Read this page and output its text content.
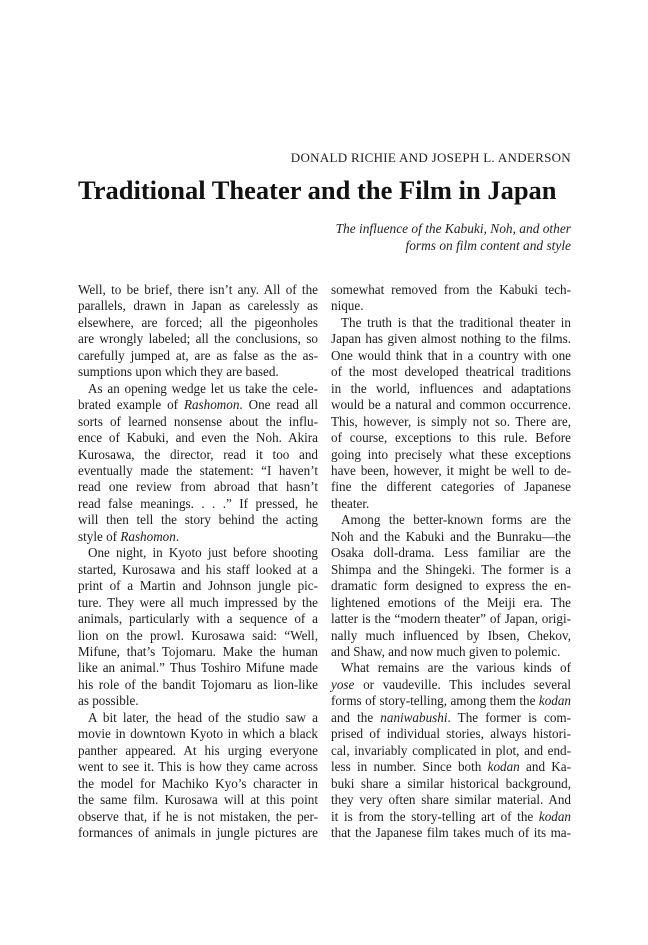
DONALD RICHIE AND JOSEPH L. ANDERSON
Traditional Theater and the Film in Japan
The influence of the Kabuki, Noh, and other
forms on film content and style
Well, to be brief, there isn’t any. All of the
parallels, drawn in Japan as carelessly as
elsewhere, are forced; all the pigeonholes
are wrongly labeled; all the conclusions, so
carefully jumped at, are as false as the as-
sumptions upon which they are based.
As an opening wedge let us take the cele-
brated example of Rashomon. One read all
sorts of learned nonsense about the influ-
ence of Kabuki, and even the Noh. Akira
Kurosawa, the director, read it too and
eventually made the statement: “I haven’t
read one review from abroad that hasn’t
read false meanings. . . .” If pressed, he
will then tell the story behind the acting
style of Rashomon.
One night, in Kyoto just before shooting
started, Kurosawa and his staff looked at a
print of a Martin and Johnson jungle pic-
ture. They were all much impressed by the
animals, particularly with a sequence of a
lion on the prowl. Kurosawa said: “Well,
Mifune, that’s Tojomaru. Make the human
like an animal.” Thus Toshiro Mifune made
his role of the bandit Tojomaru as lion-like
as possible.
A bit later, the head of the studio saw a
movie in downtown Kyoto in which a black
panther appeared. At his urging everyone
went to see it. This is how they came across
the model for Machiko Kyo’s character in
the same film. Kurosawa will at this point
observe that, if he is not mistaken, the per-
formances of animals in jungle pictures are
somewhat removed from the Kabuki tech-
nique.
The truth is that the traditional theater in
Japan has given almost nothing to the films.
One would think that in a country with one
of the most developed theatrical traditions
in the world, influences and adaptations
would be a natural and common occurrence.
This, however, is simply not so. There are,
of course, exceptions to this rule. Before
going into precisely what these exceptions
have been, however, it might be well to de-
fine the different categories of Japanese
theater.
Among the better-known forms are the
Noh and the Kabuki and the Bunraku—the
Osaka doll-drama. Less familiar are the
Shimpa and the Shingeki. The former is a
dramatic form designed to express the en-
lightened emotions of the Meiji era. The
latter is the “modern theater” of Japan, origi-
nally much influenced by Ibsen, Chekov,
and Shaw, and now much given to polemic.
What remains are the various kinds of
yose or vaudeville. This includes several
forms of story-telling, among them the kodan
and the naniwabushi. The former is com-
prised of individual stories, always histori-
cal, invariably complicated in plot, and end-
less in number. Since both kodan and Ka-
buki share a similar historical background,
they very often share similar material. And
it is from the story-telling art of the kodan
that the Japanese film takes much of its ma-
